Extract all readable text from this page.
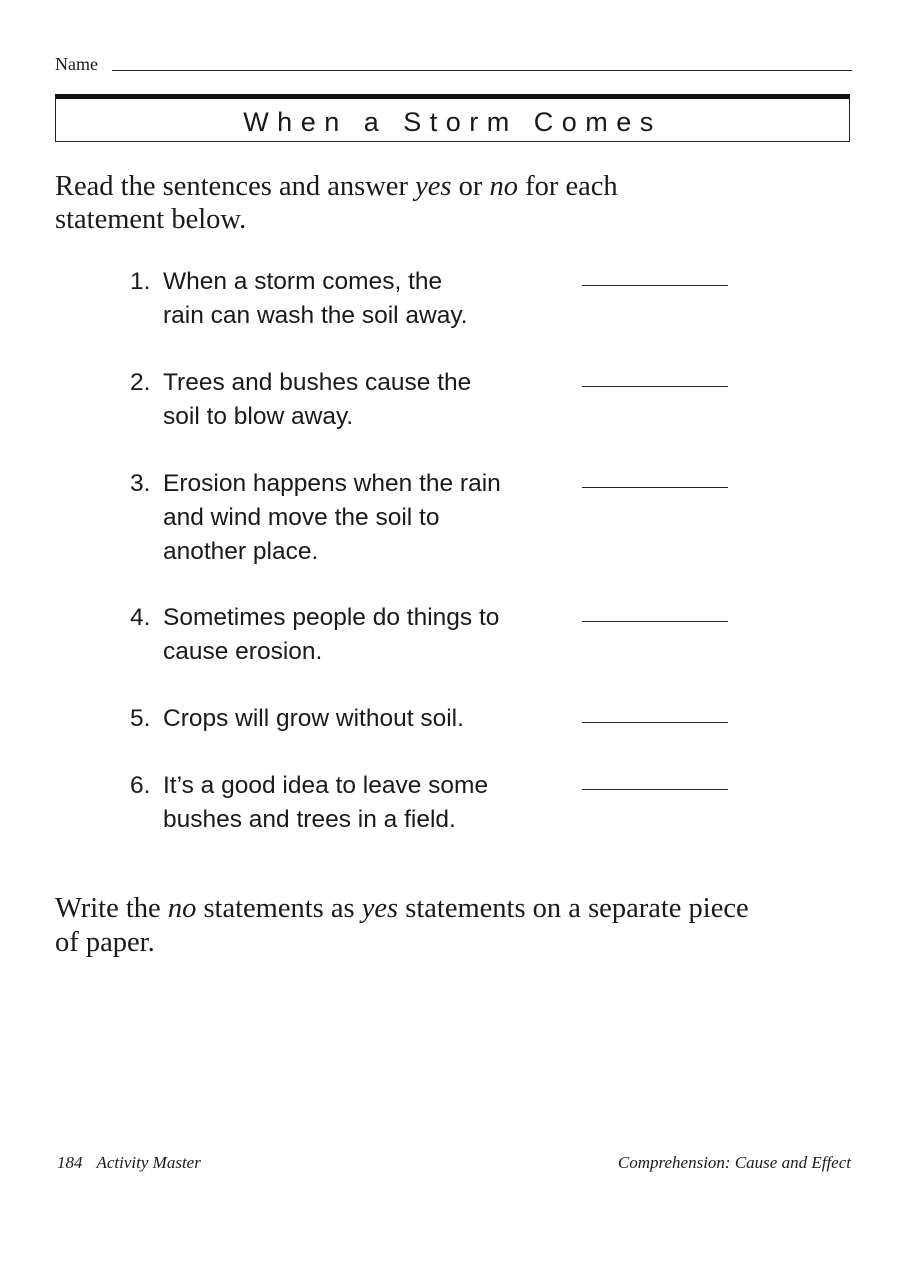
Name
When a Storm Comes

Read the sentences and answer yes or no for each statement below.

1. When a storm comes, the
rain can wash the soil away.
2. Trees and bushes cause the
soil to blow away.
3. Erosion happens when the rain
and wind move the soil to
another place.
4. Sometimes people do things to
cause erosion.
5. Crops will grow without soil.
6. It’s a good idea to leave some
bushes and trees in a field.

Write the no statements as yes statements on a separate piece of paper.

184 Activity Master	Comprehension: Cause and Effect
